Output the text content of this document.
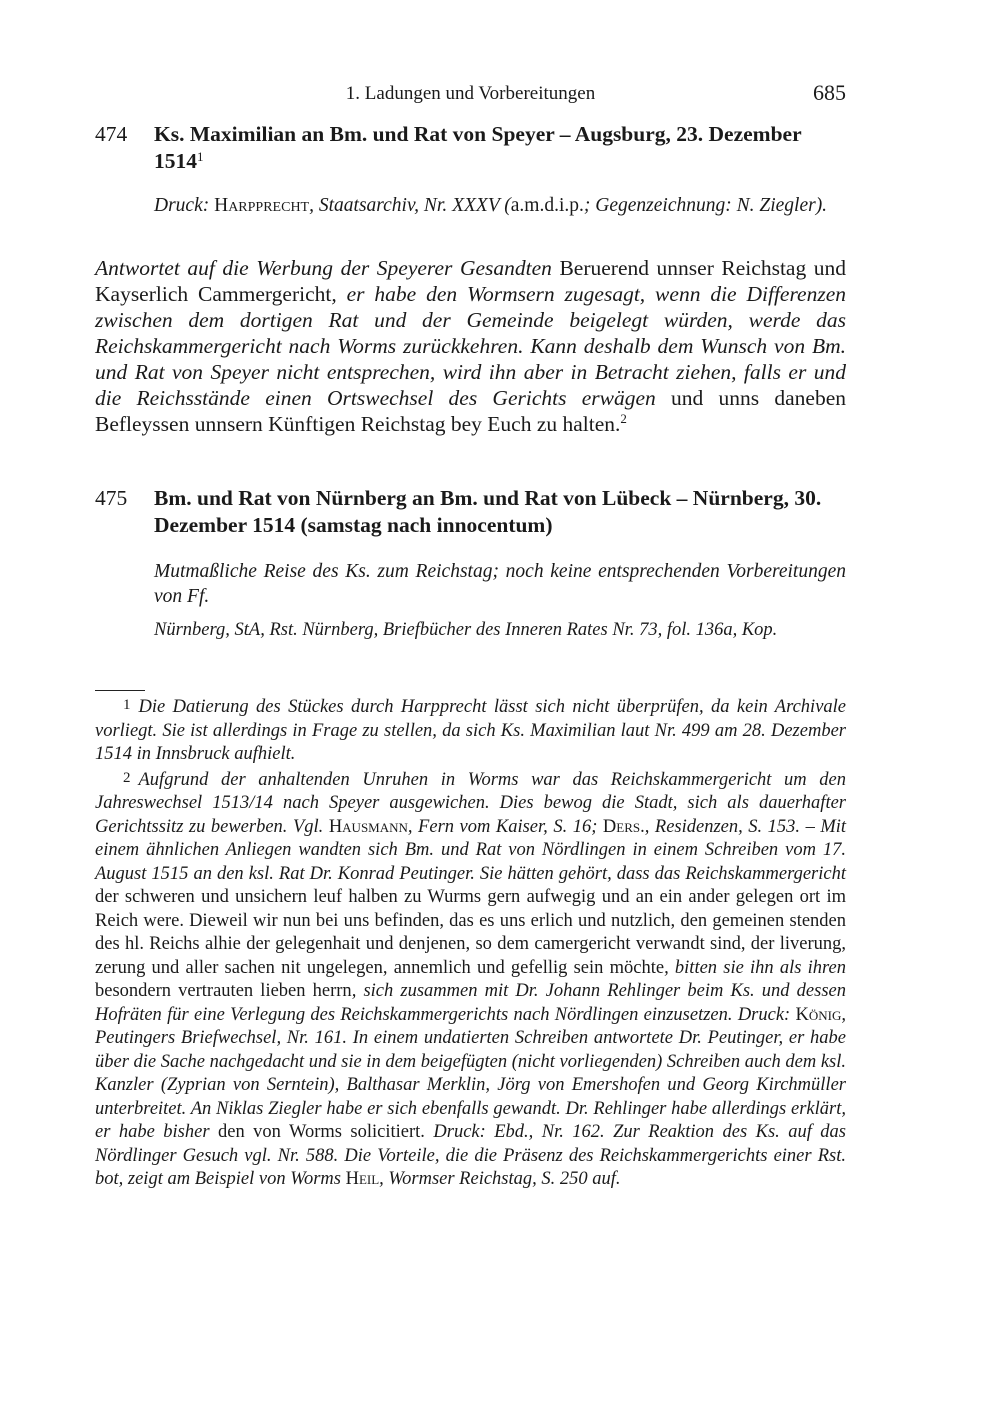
1. Ladungen und Vorbereitungen	685
474 Ks. Maximilian an Bm. und Rat von Speyer – Augsburg, 23. Dezember 1514$^1$
Druck: Harpprecht, Staatsarchiv, Nr. XXXV (a.m.d.i.p.; Gegenzeichnung: N. Ziegler).
Antwortet auf die Werbung der Speyerer Gesandten Beruerend unnser Reichstag und Kayserlich Cammergericht, er habe den Wormsern zugesagt, wenn die Differenzen zwischen dem dortigen Rat und der Gemeinde beigelegt würden, werde das Reichskammergericht nach Worms zurückkehren. Kann deshalb dem Wunsch von Bm. und Rat von Speyer nicht entsprechen, wird ihn aber in Betracht ziehen, falls er und die Reichsstände einen Ortswechsel des Gerichts erwägen und unns daneben Befleyssen unnsern Künftigen Reichstag bey Euch zu halten.$^2$
475 Bm. und Rat von Nürnberg an Bm. und Rat von Lübeck – Nürnberg, 30. Dezember 1514 (samstag nach innocentum)
Mutmaßliche Reise des Ks. zum Reichstag; noch keine entsprechenden Vorbereitungen von Ff.
Nürnberg, StA, Rst. Nürnberg, Briefbücher des Inneren Rates Nr. 73, fol. 136a, Kop.

1 Die Datierung des Stückes durch Harpprecht lässt sich nicht überprüfen, da kein Archivale vorliegt. Sie ist allerdings in Frage zu stellen, da sich Ks. Maximilian laut Nr. 499 am 28. Dezember 1514 in Innsbruck aufhielt.

2 Aufgrund der anhaltenden Unruhen in Worms war das Reichskammergericht um den Jahreswechsel 1513/14 nach Speyer ausgewichen. Dies bewog die Stadt, sich als dauerhafter Gerichtssitz zu bewerben. Vgl. Hausmann, Fern vom Kaiser, S. 16; Ders., Residenzen, S. 153. – Mit einem ähnlichen Anliegen wandten sich Bm. und Rat von Nördlingen in einem Schreiben vom 17. August 1515 an den ksl. Rat Dr. Konrad Peutinger. Sie hätten gehört, dass das Reichskammergericht der schweren und unsichern leuf halben zu Wurms gern aufwegig und an ein ander gelegen ort im Reich were. Dieweil wir nun bei uns befinden, das es uns erlich und nutzlich, den gemeinen stenden des hl. Reichs alhie der gelegenhait und denjenen, so dem camergericht verwandt sind, der liverung, zerung und aller sachen nit ungelegen, annemlich und gefellig sein möchte, bitten sie ihn als ihren besondern vertrauten lieben herrn, sich zusammen mit Dr. Johann Rehlinger beim Ks. und dessen Hofräten für eine Verlegung des Reichskammergerichts nach Nördlingen einzusetzen. Druck: König, Peutingers Briefwechsel, Nr. 161. In einem undatierten Schreiben antwortete Dr. Peutinger, er habe über die Sache nachgedacht und sie in dem beigefügten (nicht vorliegenden) Schreiben auch dem ksl. Kanzler (Zyprian von Serntein), Balthasar Merklin, Jörg von Emershofen und Georg Kirchmüller unterbreitet. An Niklas Ziegler habe er sich ebenfalls gewandt. Dr. Rehlinger habe allerdings erklärt, er habe bisher den von Worms solicitiert. Druck: Ebd., Nr. 162. Zur Reaktion des Ks. auf das Nördlinger Gesuch vgl. Nr. 588. Die Vorteile, die die Präsenz des Reichskammergerichts einer Rst. bot, zeigt am Beispiel von Worms Heil, Wormser Reichstag, S. 250 auf.
